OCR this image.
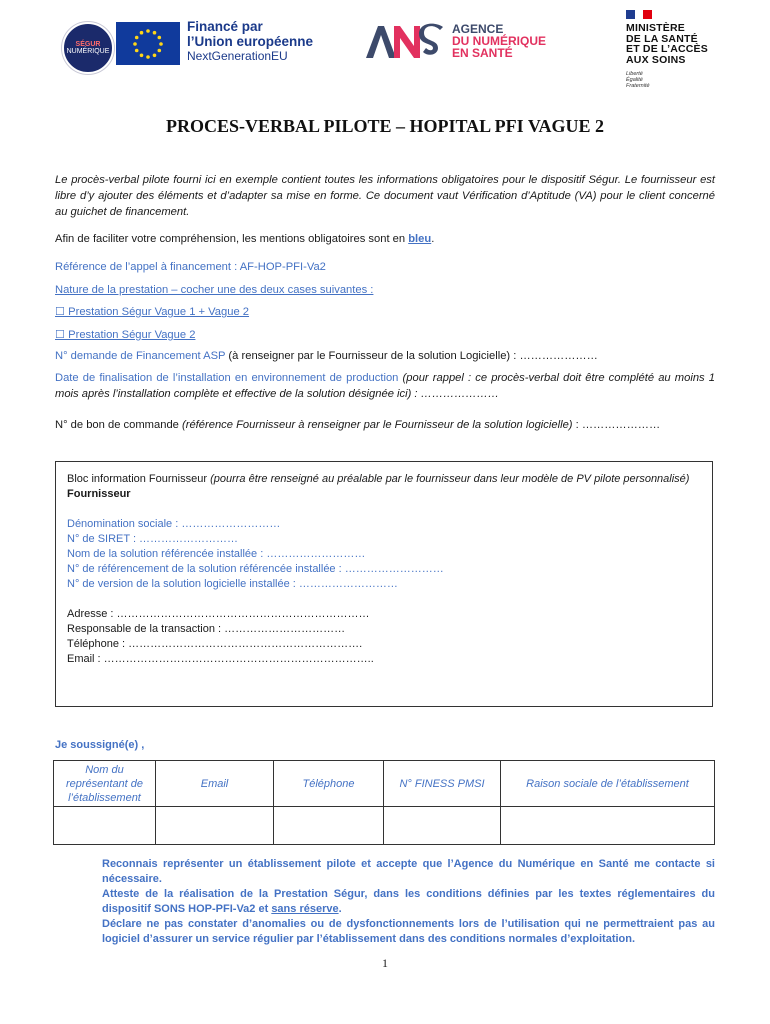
SÉGUR
NUMÉRIQUE
Financé par
l’Union européenne
NextGenerationEU
AGENCE
DU NUMÉRIQUE
EN SANTÉ
MINISTÈRE
DE LA SANTÉ
ET DE L’ACCÈS
AUX SOINS
Liberté
Égalité
Fraternité
PROCES-VERBAL PILOTE – HOPITAL PFI VAGUE 2
Le procès-verbal pilote fourni ici en exemple contient toutes les informations obligatoires pour le dispositif Ségur. Le fournisseur est libre d’y ajouter des éléments et d’adapter sa mise en forme. Ce document vaut Vérification d’Aptitude (VA) pour le client concerné au guichet de financement.
Afin de faciliter votre compréhension, les mentions obligatoires sont en bleu.
Référence de l’appel à financement : AF-HOP-PFI-Va2
Nature de la prestation – cocher une des deux cases suivantes :
☐ Prestation Ségur Vague 1 + Vague 2
☐ Prestation Ségur Vague 2
N° demande de Financement ASP (à renseigner par le Fournisseur de la solution Logicielle) : …………………
Date de finalisation de l’installation en environnement de production (pour rappel : ce procès-verbal doit être complété au moins 1 mois après l’installation complète et effective de la solution désignée ici) : …………………
N° de bon de commande (référence Fournisseur à renseigner par le Fournisseur de la solution logicielle) : …………………
Bloc information Fournisseur (pourra être renseigné au préalable par le fournisseur dans leur modèle de PV pilote personnalisé)
Fournisseur
Dénomination sociale : ………………………
N° de SIRET : ………………………
Nom de la solution référencée installée : ………………………
N° de référencement de la solution référencée installée : ………………………
N° de version de la solution logicielle installée : ………………………
Adresse : ……………………………………………………………
Responsable de la transaction : ……………………………
Téléphone : ……………………………………………………….
Email : ………………………………………………………………..
Je soussigné(e) ,
Nom du représentant de l’établissement	Email	Téléphone	N° FINESS PMSI	Raison sociale de l’établissement

Reconnais représenter un établissement pilote et accepte que l’Agence du Numérique en Santé me contacte si nécessaire.
Atteste de la réalisation de la Prestation Ségur, dans les conditions définies par les textes réglementaires du dispositif SONS HOP-PFI-Va2 et sans réserve.
Déclare ne pas constater d’anomalies ou de dysfonctionnements lors de l’utilisation qui ne permettraient pas au logiciel d’assurer un service régulier par l’établissement dans des conditions normales d’exploitation.
1
